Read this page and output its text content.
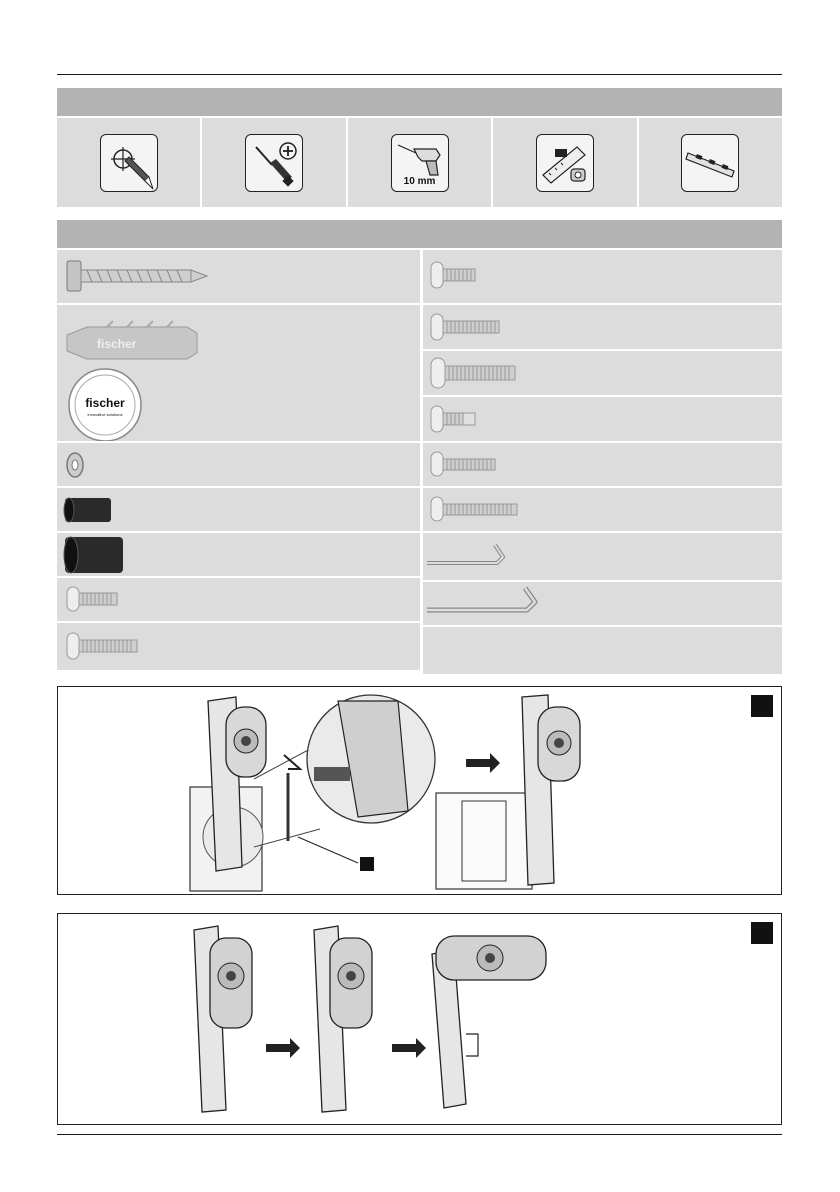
10 mm
fischer
fischer
innovative solutions
